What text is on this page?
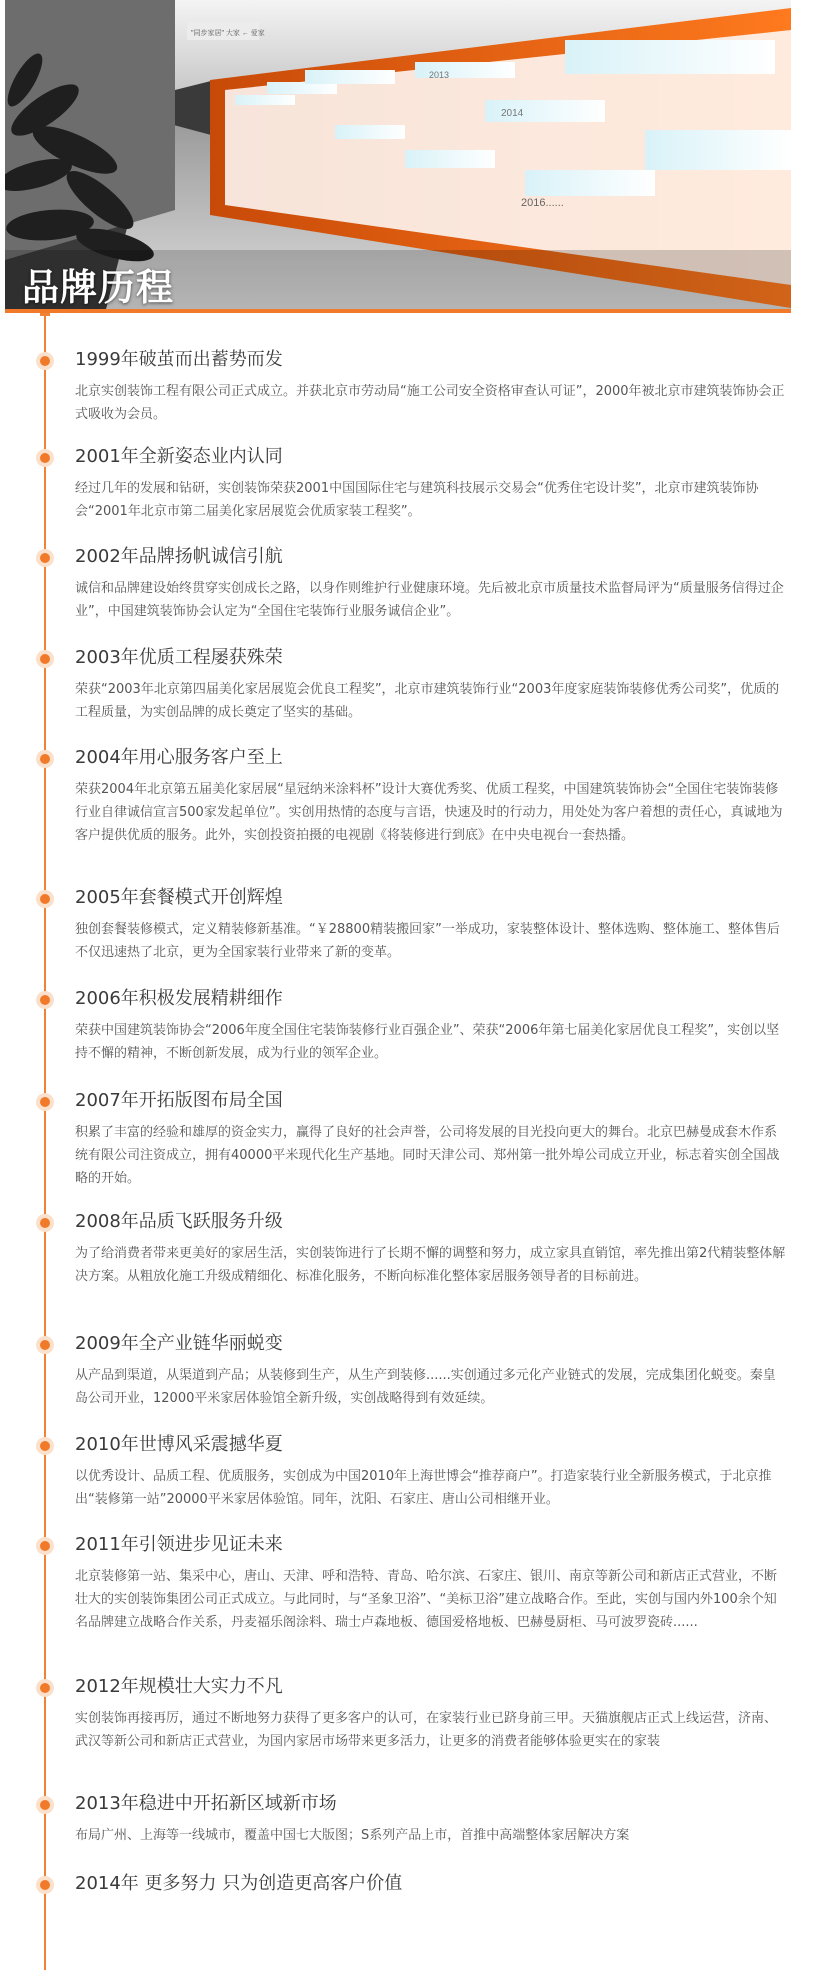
2013
2014
2016......
"同步家居" 大家 ← 爱家
品牌历程
1999年破茧而出蓄势而发

北京实创装饰工程有限公司正式成立。并获北京市劳动局“施工公司安全资格审查认可证”，2000年被北京市建筑装饰协会正式吸收为会员。

2001年全新姿态业内认同

经过几年的发展和钻研，实创装饰荣获2001中国国际住宅与建筑科技展示交易会“优秀住宅设计奖”，北京市建筑装饰协会“2001年北京市第二届美化家居展览会优质家装工程奖”。

2002年品牌扬帆诚信引航

诚信和品牌建设始终贯穿实创成长之路，以身作则维护行业健康环境。先后被北京市质量技术监督局评为“质量服务信得过企业”，中国建筑装饰协会认定为“全国住宅装饰行业服务诚信企业”。

2003年优质工程屡获殊荣

荣获“2003年北京第四届美化家居展览会优良工程奖”，北京市建筑装饰行业“2003年度家庭装饰装修优秀公司奖”，优质的工程质量，为实创品牌的成长奠定了坚实的基础。

2004年用心服务客户至上

荣获2004年北京第五届美化家居展“星冠纳米涂料杯”设计大赛优秀奖、优质工程奖，中国建筑装饰协会“全国住宅装饰装修行业自律诚信宣言500家发起单位”。实创用热情的态度与言语，快速及时的行动力，用处处为客户着想的责任心，真诚地为客户提供优质的服务。此外，实创投资拍摄的电视剧《将装修进行到底》在中央电视台一套热播。

2005年套餐模式开创辉煌

独创套餐装修模式，定义精装修新基准。“￥28800精装搬回家”一举成功，家装整体设计、整体选购、整体施工、整体售后不仅迅速热了北京，更为全国家装行业带来了新的变革。

2006年积极发展精耕细作

荣获中国建筑装饰协会“2006年度全国住宅装饰装修行业百强企业”、荣获“2006年第七届美化家居优良工程奖”，实创以坚持不懈的精神，不断创新发展，成为行业的领军企业。

2007年开拓版图布局全国

积累了丰富的经验和雄厚的资金实力，赢得了良好的社会声誉，公司将发展的目光投向更大的舞台。北京巴赫曼成套木作系统有限公司注资成立，拥有40000平米现代化生产基地。同时天津公司、郑州第一批外埠公司成立开业，标志着实创全国战略的开始。

2008年品质飞跃服务升级

为了给消费者带来更美好的家居生活，实创装饰进行了长期不懈的调整和努力，成立家具直销馆，率先推出第2代精装整体解决方案。从粗放化施工升级成精细化、标准化服务，不断向标准化整体家居服务领导者的目标前进。

2009年全产业链华丽蜕变

从产品到渠道，从渠道到产品；从装修到生产，从生产到装修......实创通过多元化产业链式的发展，完成集团化蜕变。秦皇岛公司开业，12000平米家居体验馆全新升级，实创战略得到有效延续。

2010年世博风采震撼华夏

以优秀设计、品质工程、优质服务，实创成为中国2010年上海世博会“推荐商户”。打造家装行业全新服务模式，于北京推出“装修第一站”20000平米家居体验馆。同年，沈阳、石家庄、唐山公司相继开业。

2011年引领进步见证未来

北京装修第一站、集采中心，唐山、天津、呼和浩特、青岛、哈尔滨、石家庄、银川、南京等新公司和新店正式营业，不断壮大的实创装饰集团公司正式成立。与此同时，与“圣象卫浴”、“美标卫浴”建立战略合作。至此，实创与国内外100余个知名品牌建立战略合作关系，丹麦福乐阁涂料、瑞士卢森地板、德国爱格地板、巴赫曼厨柜、马可波罗瓷砖......

2012年规模壮大实力不凡

实创装饰再接再厉，通过不断地努力获得了更多客户的认可，在家装行业已跻身前三甲。天猫旗舰店正式上线运营，济南、武汉等新公司和新店正式营业，为国内家居市场带来更多活力，让更多的消费者能够体验更实在的家装

2013年稳进中开拓新区域新市场

布局广州、上海等一线城市，覆盖中国七大版图；S系列产品上市，首推中高端整体家居解决方案

2014年 更多努力 只为创造更高客户价值
